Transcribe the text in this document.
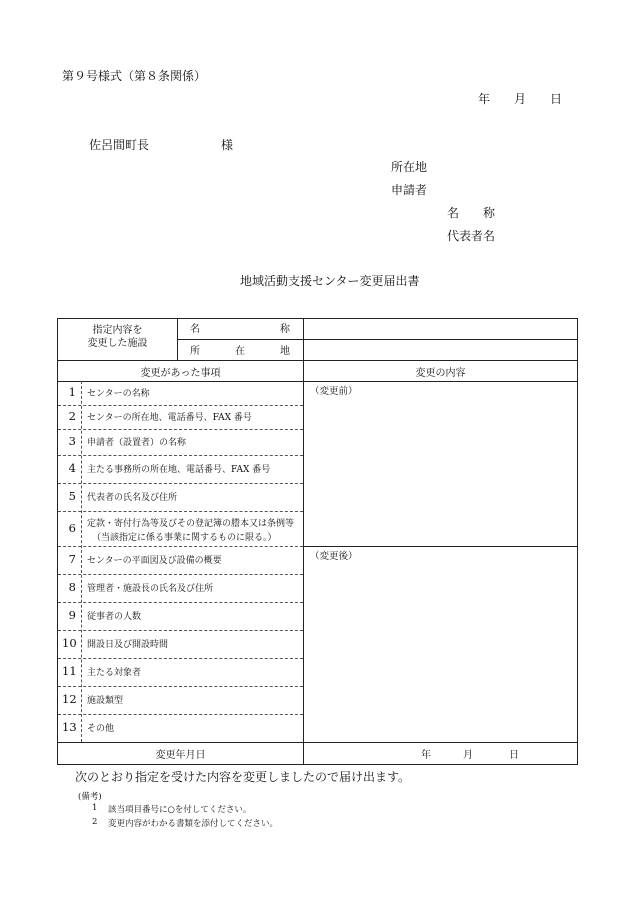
第９号様式（第８条関係）
年 月 日
佐呂間町長	様
所在地
申請者
名 称
代表者名
地域活動支援センター変更届出書
指定内容を
変更した施設
名	称
所	在	地
変更があった事項	変更の内容
（変更前）
（変更後）
1 センターの名称
2 センターの所在地、電話番号、FAX 番号
3 申請者（設置者）の名称
4 主たる事務所の所在地、電話番号、FAX 番号
5 代表者の氏名及び住所
6 定款・寄付行為等及びその登記簿の謄本又は条例等
（当該指定に係る事業に関するものに限る。）
7 センターの平面図及び設備の概要
8 管理者・施設長の氏名及び住所
9 従事者の人数
10 開設日及び開設時間
11 主たる対象者
12 施設類型
13 その他
変更年月日	年	月	日
次のとおり指定を受けた内容を変更しましたので届け出ます。
(備考)
1 該当項目番号に○を付してください。
2 変更内容がわかる書類を添付してください。
